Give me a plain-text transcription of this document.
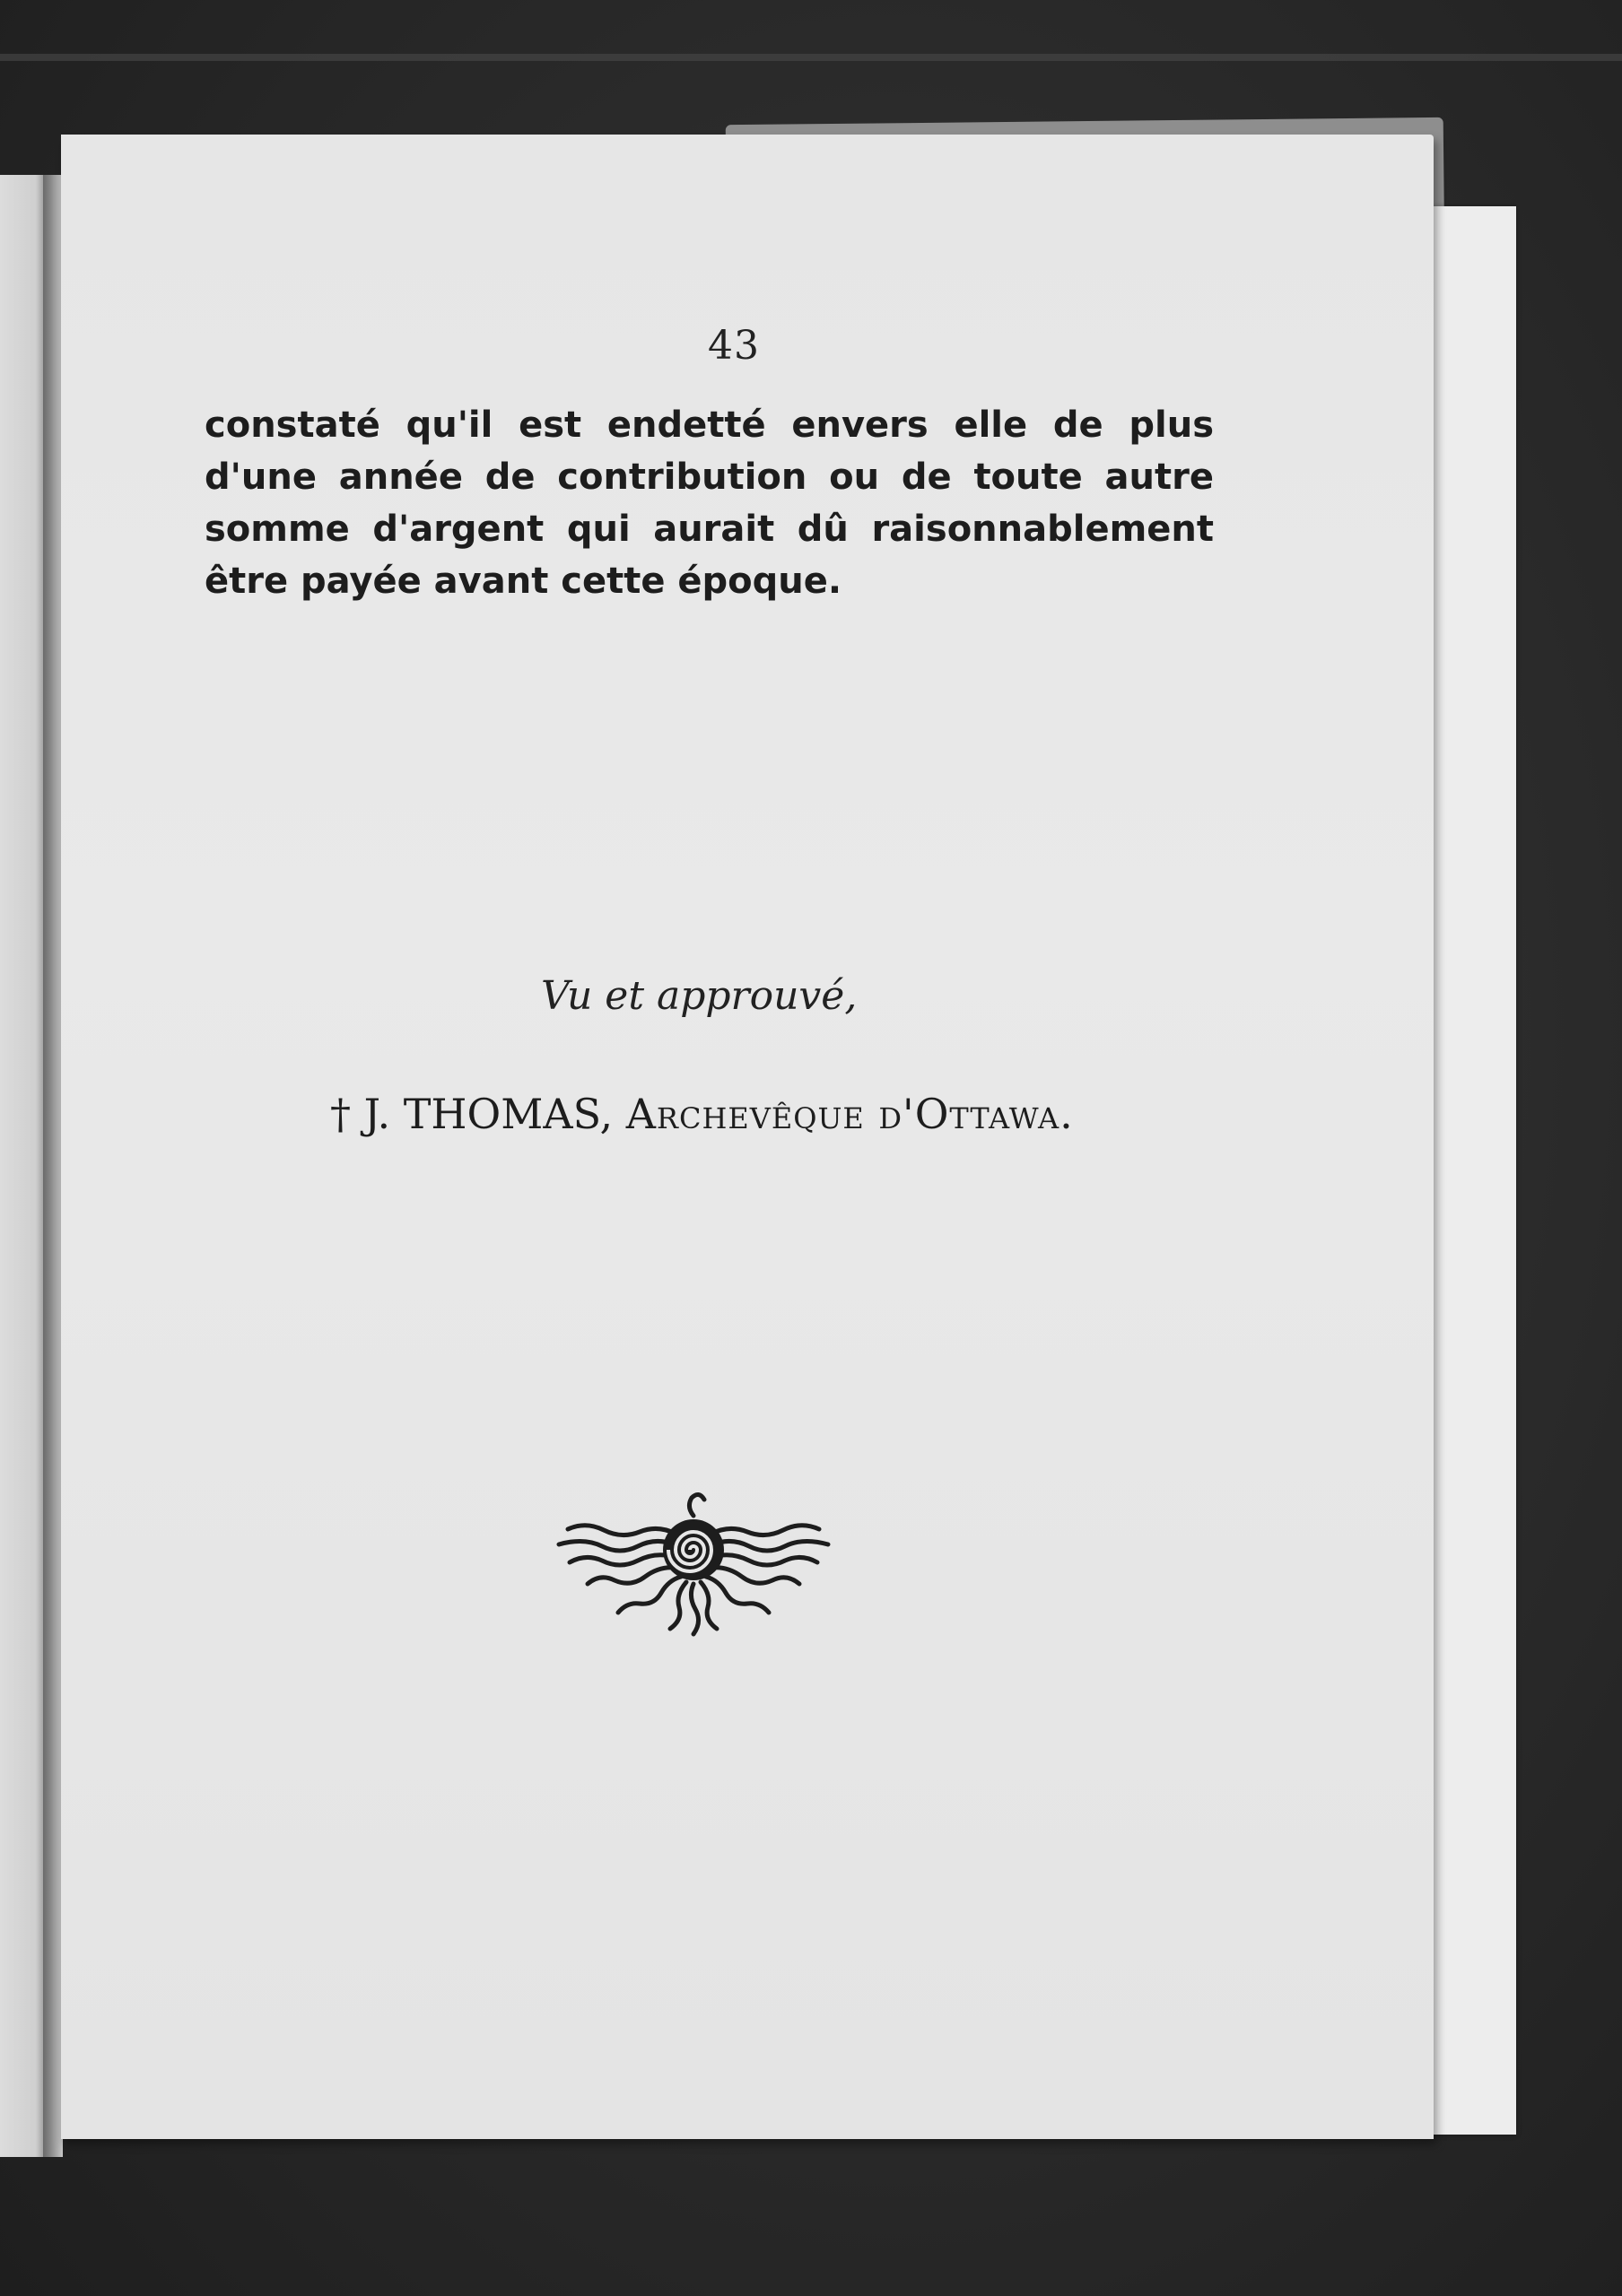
43
constaté qu'il est endetté envers elle de plus
d'une année de contribution ou de toute autre
somme d'argent qui aurait dû raisonnablement
être payée avant cette époque.
Vu et approuvé,
† J. THOMAS, Archevêque d'Ottawa.
